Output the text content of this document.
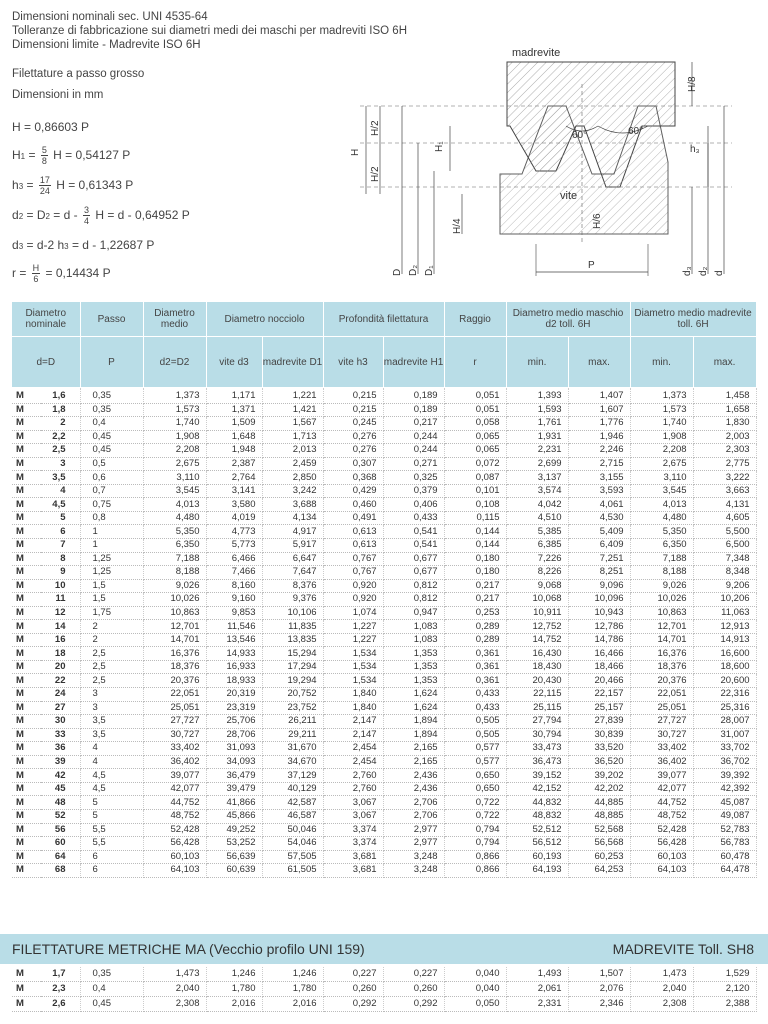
Dimensioni nominali sec. UNI 4535-64
Tolleranze di fabbricazione sui diametri medi dei maschi per madreviti ISO 6H
Dimensioni limite - Madrevite ISO 6H
Filettature a passo grosso
Dimensioni in mm
H = 0,86603 P
$H1 = \frac{5}{8}$ H = 0,54127 P
$h3 = \frac{17}{24}$ H = 0,61343 P
$d2 = D2 = d - \frac{3}{4}$ H = d - 0,64952 P
d3 = d-2 h3 = d - 1,22687 P
$r = \frac{H}{6} = 0,14434$ P
madrevite
vite
60°	60°
H/8
H/2
H/2
H
H₁	h₃
H/4	H/6
P
D D₂ D₁	d₃ d₂ d
Diametro nominale		Passo	Diametro medio	Diametro nocciolo		Profondità filettatura		Raggio	Diametro medio maschio d2 toll. 6H		Diametro medio madrevite toll. 6H	
d=D		P	d2=D2	vite d3	madrevite D1	vite h3	madrevite H1	r	min.	max.	min.	max.
M	1,6	0,35	1,373	1,171	1,221	0,215	0,189	0,051	1,393	1,407	1,373	1,458
M	1,8	0,35	1,573	1,371	1,421	0,215	0,189	0,051	1,593	1,607	1,573	1,658
M	2	0,4	1,740	1,509	1,567	0,245	0,217	0,058	1,761	1,776	1,740	1,830
M	2,2	0,45	1,908	1,648	1,713	0,276	0,244	0,065	1,931	1,946	1,908	2,003
M	2,5	0,45	2,208	1,948	2,013	0,276	0,244	0,065	2,231	2,246	2,208	2,303
M	3	0,5	2,675	2,387	2,459	0,307	0,271	0,072	2,699	2,715	2,675	2,775
M	3,5	0,6	3,110	2,764	2,850	0,368	0,325	0,087	3,137	3,155	3,110	3,222
M	4	0,7	3,545	3,141	3,242	0,429	0,379	0,101	3,574	3,593	3,545	3,663
M	4,5	0,75	4,013	3,580	3,688	0,460	0,406	0,108	4,042	4,061	4,013	4,131
M	5	0,8	4,480	4,019	4,134	0,491	0,433	0,115	4,510	4,530	4,480	4,605
M	6	1	5,350	4,773	4,917	0,613	0,541	0,144	5,385	5,409	5,350	5,500
M	7	1	6,350	5,773	5,917	0,613	0,541	0,144	6,385	6,409	6,350	6,500
M	8	1,25	7,188	6,466	6,647	0,767	0,677	0,180	7,226	7,251	7,188	7,348
M	9	1,25	8,188	7,466	7,647	0,767	0,677	0,180	8,226	8,251	8,188	8,348
M	10	1,5	9,026	8,160	8,376	0,920	0,812	0,217	9,068	9,096	9,026	9,206
M	11	1,5	10,026	9,160	9,376	0,920	0,812	0,217	10,068	10,096	10,026	10,206
M	12	1,75	10,863	9,853	10,106	1,074	0,947	0,253	10,911	10,943	10,863	11,063
M	14	2	12,701	11,546	11,835	1,227	1,083	0,289	12,752	12,786	12,701	12,913
M	16	2	14,701	13,546	13,835	1,227	1,083	0,289	14,752	14,786	14,701	14,913
M	18	2,5	16,376	14,933	15,294	1,534	1,353	0,361	16,430	16,466	16,376	16,600
M	20	2,5	18,376	16,933	17,294	1,534	1,353	0,361	18,430	18,466	18,376	18,600
M	22	2,5	20,376	18,933	19,294	1,534	1,353	0,361	20,430	20,466	20,376	20,600
M	24	3	22,051	20,319	20,752	1,840	1,624	0,433	22,115	22,157	22,051	22,316
M	27	3	25,051	23,319	23,752	1,840	1,624	0,433	25,115	25,157	25,051	25,316
M	30	3,5	27,727	25,706	26,211	2,147	1,894	0,505	27,794	27,839	27,727	28,007
M	33	3,5	30,727	28,706	29,211	2,147	1,894	0,505	30,794	30,839	30,727	31,007
M	36	4	33,402	31,093	31,670	2,454	2,165	0,577	33,473	33,520	33,402	33,702
M	39	4	36,402	34,093	34,670	2,454	2,165	0,577	36,473	36,520	36,402	36,702
M	42	4,5	39,077	36,479	37,129	2,760	2,436	0,650	39,152	39,202	39,077	39,392
M	45	4,5	42,077	39,479	40,129	2,760	2,436	0,650	42,152	42,202	42,077	42,392
M	48	5	44,752	41,866	42,587	3,067	2,706	0,722	44,832	44,885	44,752	45,087
M	52	5	48,752	45,866	46,587	3,067	2,706	0,722	48,832	48,885	48,752	49,087
M	56	5,5	52,428	49,252	50,046	3,374	2,977	0,794	52,512	52,568	52,428	52,783
M	60	5,5	56,428	53,252	54,046	3,374	2,977	0,794	56,512	56,568	56,428	56,783
M	64	6	60,103	56,639	57,505	3,681	3,248	0,866	60,193	60,253	60,103	60,478
M	68	6	64,103	60,639	61,505	3,681	3,248	0,866	64,193	64,253	64,103	64,478
FILETTATURE METRICHE MA (Vecchio profilo UNI 159)	MADREVITE Toll. SH8
M	1,7	0,35	1,473	1,246	1,246	0,227	0,227	0,040	1,493	1,507	1,473	1,529
M	2,3	0,4	2,040	1,780	1,780	0,260	0,260	0,040	2,061	2,076	2,040	2,120
M	2,6	0,45	2,308	2,016	2,016	0,292	0,292	0,050	2,331	2,346	2,308	2,388
